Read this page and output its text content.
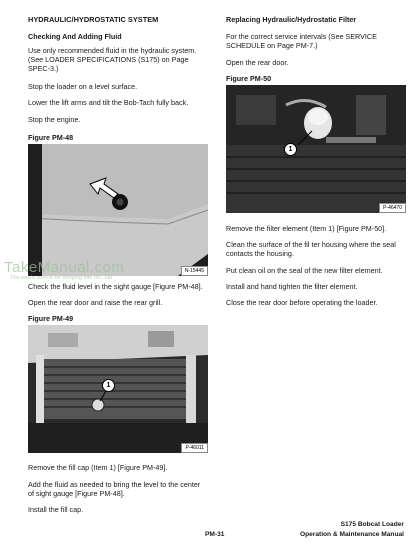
HYDRAULIC/HYDROSTATIC SYSTEM

Checking And Adding Fluid

Use only recommended fluid in the hydraulic system. (See LOADER SPECIFICATIONS (S175) on Page SPEC-3.)

Stop the loader on a level surface.

Lower the lift arms and tilt the Bob-Tach fully back.

Stop the engine.

Figure PM-48

N-15445

Check the fluid level in the sight gauge [Figure PM-48].

Open the rear door and raise the rear grill.

Figure PM-49

1
P-46011

Remove the fill cap (Item 1) [Figure PM-49].

Add the fluid as needed to bring the level to the center of sight gauge [Figure PM-48].

Install the fill cap.

Replacing Hydraulic/Hydrostatic Filter

For the correct service intervals (See SERVICE SCHEDULE on Page PM-7.)

Open the rear door.

Figure PM-50

1
P-46470

Remove the filter element (Item 1) [Figure PM-50].

Clean the surface of the fil ter housing where the seal contacts the housing.

Put clean oil on the seal of the new filter element.

Install and hand tighten the filter element.

Close the rear door before operating the loader.

TakeManual.com
The web's source for bringing info on...ual
PM-31
S175 Bobcat Loader
Operation & Maintenance Manual
